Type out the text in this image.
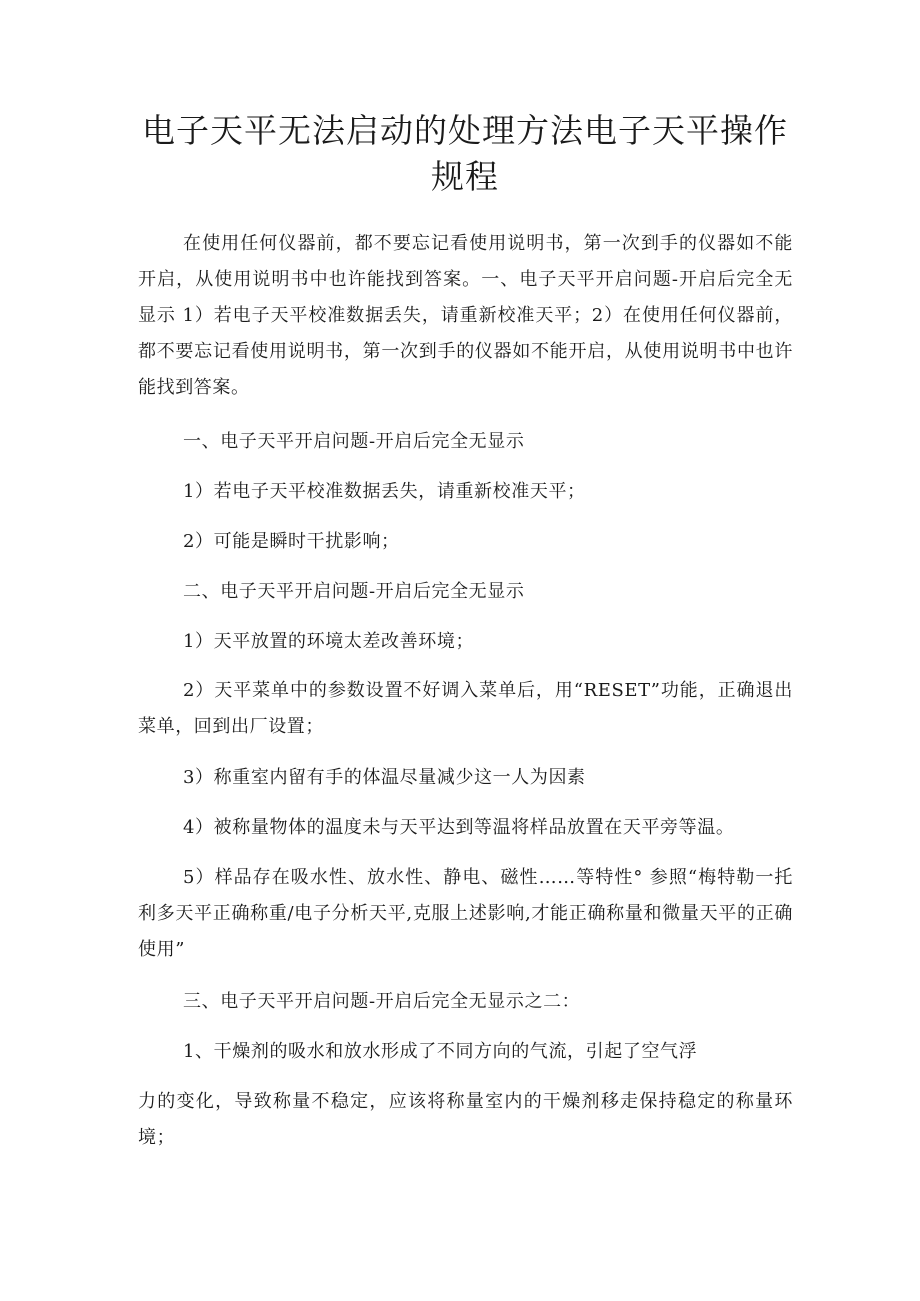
电子天平无法启动的处理方法电子天平操作规程

在使用任何仪器前，都不要忘记看使用说明书，第一次到手的仪器如不能开启，从使用说明书中也许能找到答案。一、电子天平开启问题-开启后完全无显示 1）若电子天平校准数据丢失，请重新校准天平；2）在使用任何仪器前，都不要忘记看使用说明书，第一次到手的仪器如不能开启，从使用说明书中也许能找到答案。

一、电子天平开启问题-开启后完全无显示

1）若电子天平校准数据丢失，请重新校准天平；

2）可能是瞬时干扰影响；

二、电子天平开启问题-开启后完全无显示

1）天平放置的环境太差改善环境；

2）天平菜单中的参数设置不好调入菜单后，用“RESET”功能，正确退出菜单，回到出厂设置；

3）称重室内留有手的体温尽量减少这一人为因素

4）被称量物体的温度未与天平达到等温将样品放置在天平旁等温。

5）样品存在吸水性、放水性、静电、磁性……等特性° 参照“梅特勒一托利多天平正确称重/电子分析天平,克服上述影响,才能正确称量和微量天平的正确使用”

三、电子天平开启问题-开启后完全无显示之二：

1、干燥剂的吸水和放水形成了不同方向的气流，引起了空气浮

力的变化，导致称量不稳定，应该将称量室内的干燥剂移走保持稳定的称量环境；
